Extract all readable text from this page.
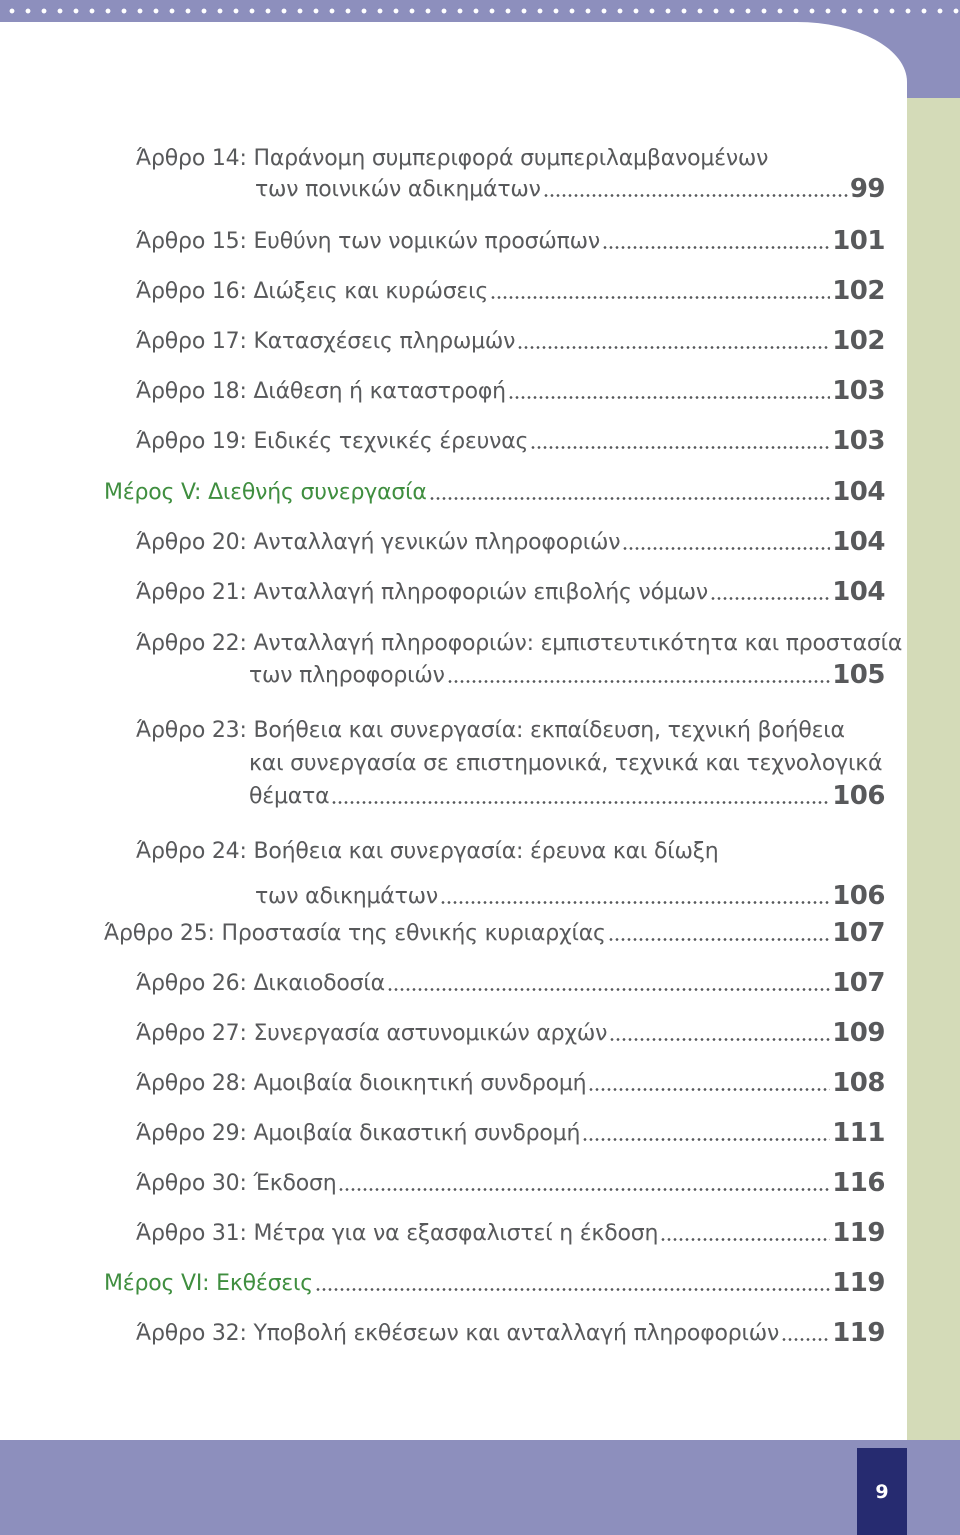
9
Άρθρο 14: Παράνομη συμπεριφορά συμπεριλαμβανομένων
των ποινικών αδικημάτων	99
Άρθρο 15: Ευθύνη των νομικών προσώπων	101
Άρθρο 16: Διώξεις και κυρώσεις	102
Άρθρο 17: Κατασχέσεις πληρωμών	102
Άρθρο 18: Διάθεση ή καταστροφή	103
Άρθρο 19: Ειδικές τεχνικές έρευνας	103
Μέρος V: Διεθνής συνεργασία	104
Άρθρο 20: Ανταλλαγή γενικών πληροφοριών	104
Άρθρο 21: Ανταλλαγή πληροφοριών επιβολής νόμων	104
Άρθρο 22: Ανταλλαγή πληροφοριών: εμπιστευτικότητα και προστασία
των πληροφοριών	105
Άρθρο 23: Βοήθεια και συνεργασία: εκπαίδευση, τεχνική βοήθεια
και συνεργασία σε επιστημονικά, τεχνικά και τεχνολογικά
θέματα	106
Άρθρο 24: Βοήθεια και συνεργασία: έρευνα και δίωξη
των αδικημάτων	106
Άρθρο 25: Προστασία της εθνικής κυριαρχίας	107
Άρθρο 26: Δικαιοδοσία	107
Άρθρο 27: Συνεργασία αστυνομικών αρχών	109
Άρθρο 28: Αμοιβαία διοικητική συνδρομή	108
Άρθρο 29: Αμοιβαία δικαστική συνδρομή	111
Άρθρο 30: Έκδοση	116
Άρθρο 31: Μέτρα για να εξασφαλιστεί η έκδοση	119
Μέρος VI: Εκθέσεις	119
Άρθρο 32: Υποβολή εκθέσεων και ανταλλαγή πληροφοριών 119
